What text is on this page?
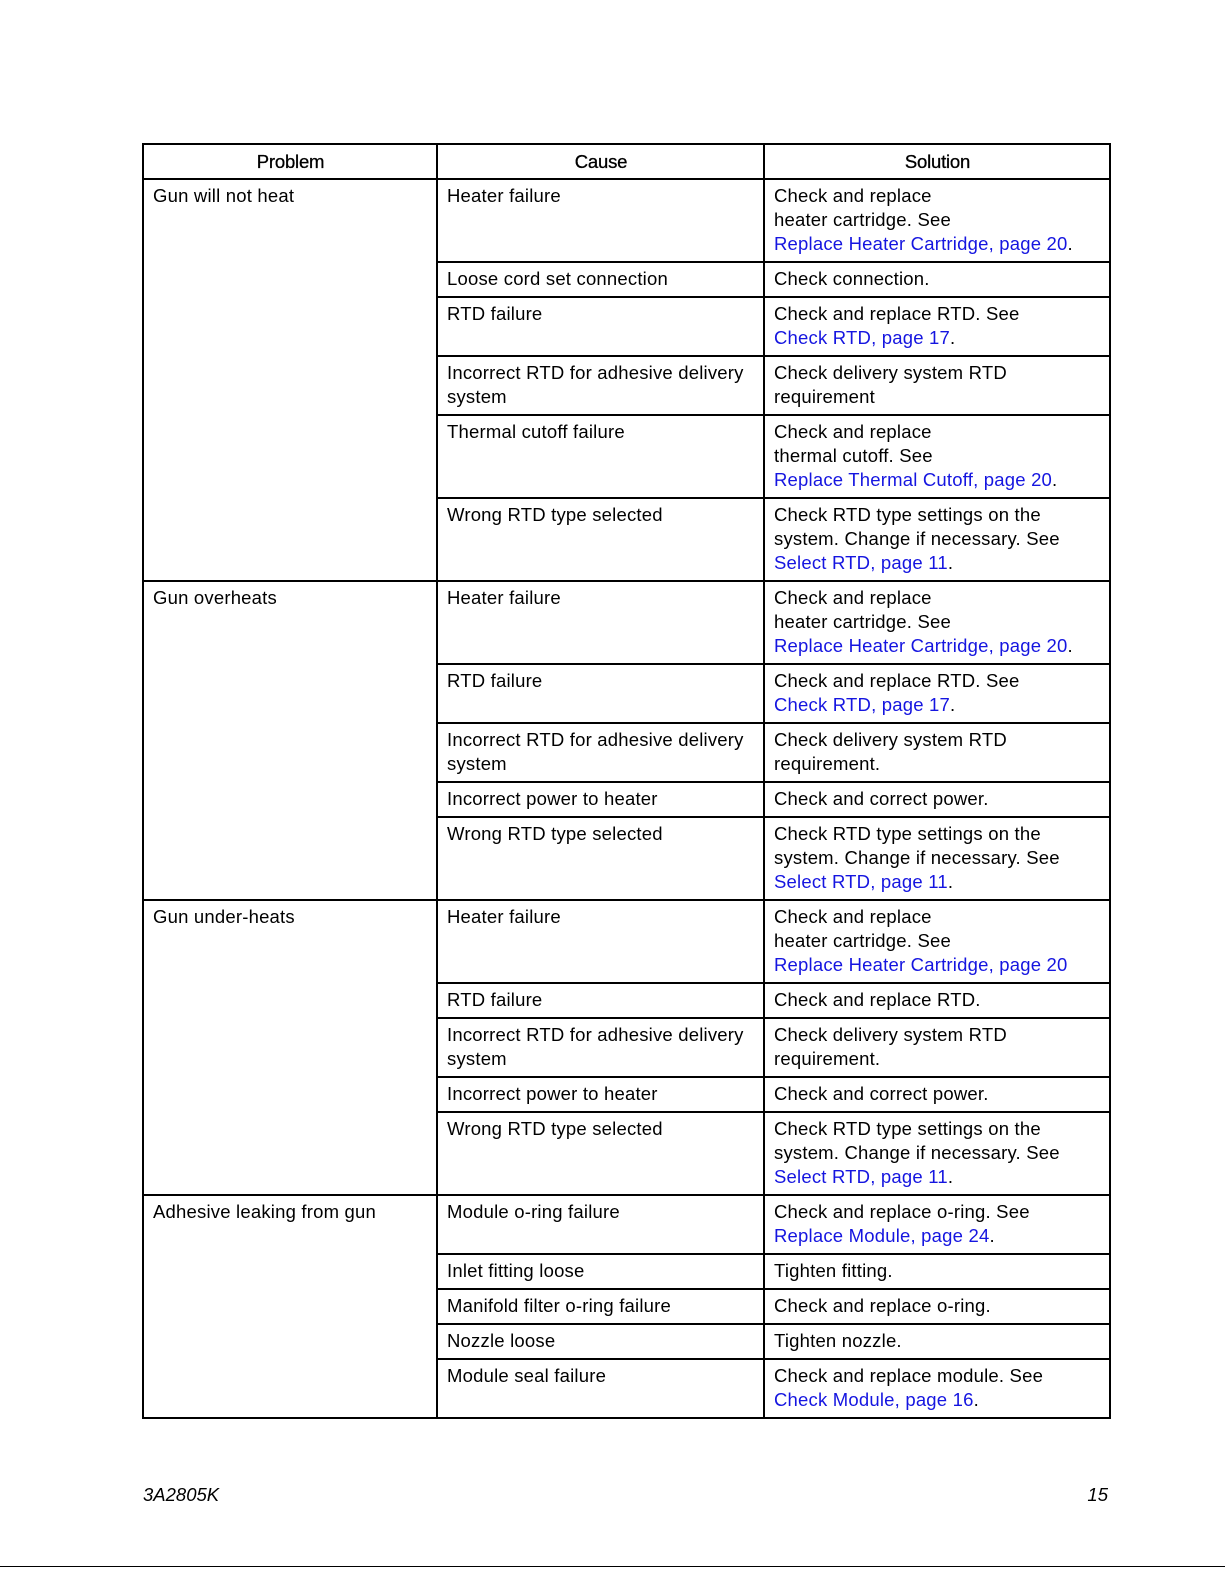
Problem	Cause	Solution
Gun will not heat	Heater failure	Check and replace
heater cartridge. See
Replace Heater Cartridge, page 20.

	Loose cord set connection	Check connection.

	RTD failure	Check and replace RTD. See
Check RTD, page 17.

	Incorrect RTD for adhesive delivery system	Check delivery system RTD
requirement

	Thermal cutoff failure	Check and replace
thermal cutoff. See
Replace Thermal Cutoff, page 20.

	Wrong RTD type selected	Check RTD type settings on the
system. Change if necessary. See
Select RTD, page 11.

Gun overheats	Heater failure	Check and replace
heater cartridge. See
Replace Heater Cartridge, page 20.

	RTD failure	Check and replace RTD. See
Check RTD, page 17.

	Incorrect RTD for adhesive delivery system	Check delivery system RTD
requirement.

	Incorrect power to heater	Check and correct power.

	Wrong RTD type selected	Check RTD type settings on the
system. Change if necessary. See
Select RTD, page 11.

Gun under-heats	Heater failure	Check and replace
heater cartridge. See
Replace Heater Cartridge, page 20

	RTD failure	Check and replace RTD.

	Incorrect RTD for adhesive delivery system	Check delivery system RTD
requirement.

	Incorrect power to heater	Check and correct power.

	Wrong RTD type selected	Check RTD type settings on the
system. Change if necessary. See
Select RTD, page 11.

Adhesive leaking from gun	Module o-ring failure	Check and replace o-ring. See
Replace Module, page 24.

	Inlet fitting loose	Tighten fitting.

	Manifold filter o-ring failure	Check and replace o-ring.

	Nozzle loose	Tighten nozzle.

	Module seal failure	Check and replace module. See
Check Module, page 16.
3A2805K	15
